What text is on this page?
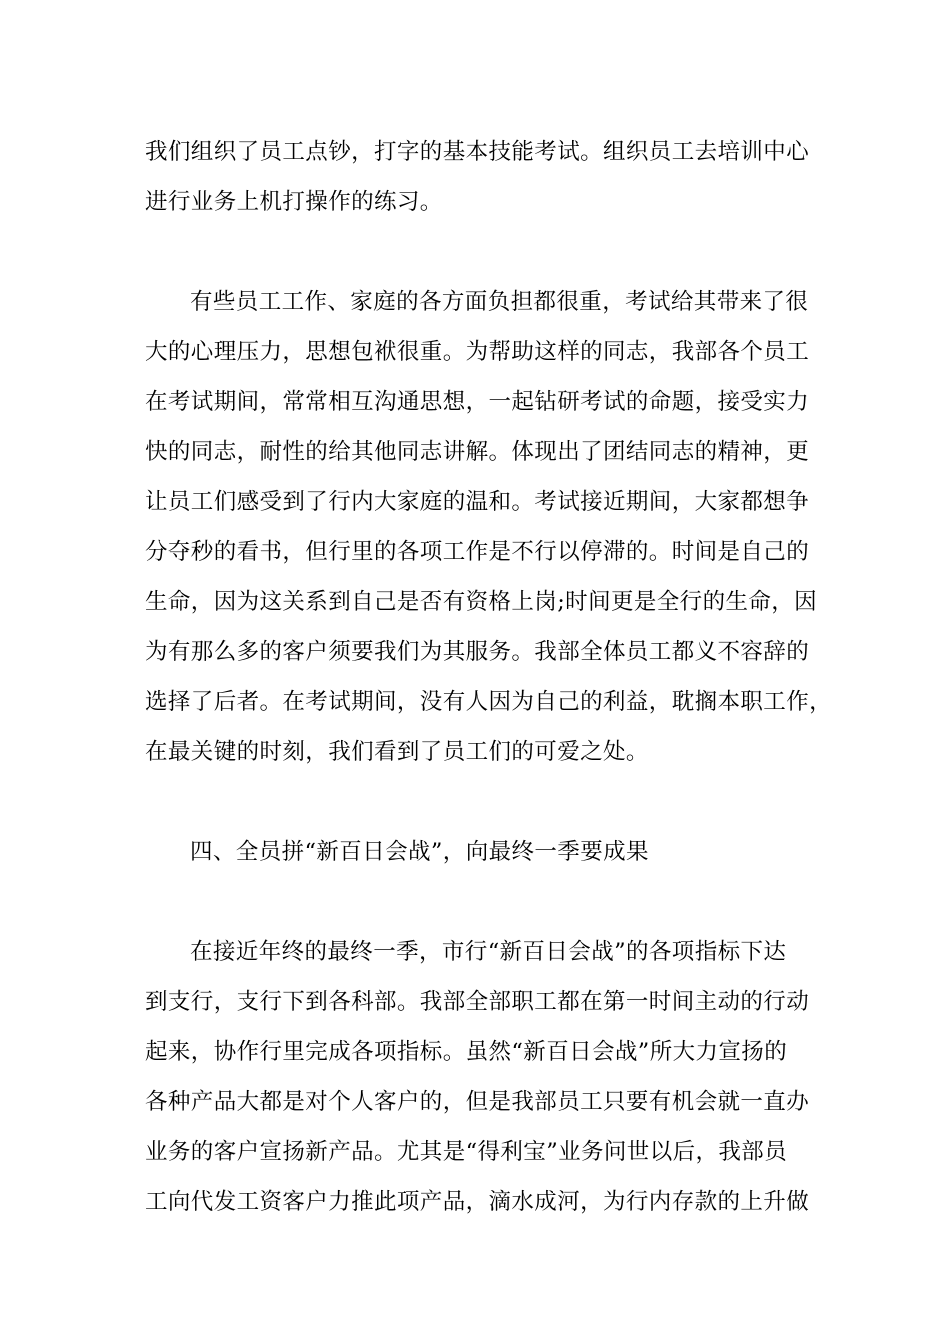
我们组织了员工点钞，打字的基本技能考试。组织员工去培训中心
进行业务上机打操作的练习。
有些员工工作、家庭的各方面负担都很重，考试给其带来了很
大的心理压力，思想包袱很重。为帮助这样的同志，我部各个员工
在考试期间，常常相互沟通思想，一起钻研考试的命题，接受实力
快的同志，耐性的给其他同志讲解。体现出了团结同志的精神，更
让员工们感受到了行内大家庭的温和。考试接近期间，大家都想争
分夺秒的看书，但行里的各项工作是不行以停滞的。时间是自己的
生命，因为这关系到自己是否有资格上岗;时间更是全行的生命，因
为有那么多的客户须要我们为其服务。我部全体员工都义不容辞的
选择了后者。在考试期间，没有人因为自己的利益，耽搁本职工作，
在最关键的时刻，我们看到了员工们的可爱之处。
四、全员拼“新百日会战”，向最终一季要成果
在接近年终的最终一季，市行“新百日会战”的各项指标下达
到支行，支行下到各科部。我部全部职工都在第一时间主动的行动
起来，协作行里完成各项指标。虽然“新百日会战”所大力宣扬的
各种产品大都是对个人客户的，但是我部员工只要有机会就一直办
业务的客户宣扬新产品。尤其是“得利宝”业务问世以后，我部员
工向代发工资客户力推此项产品，滴水成河，为行内存款的上升做
